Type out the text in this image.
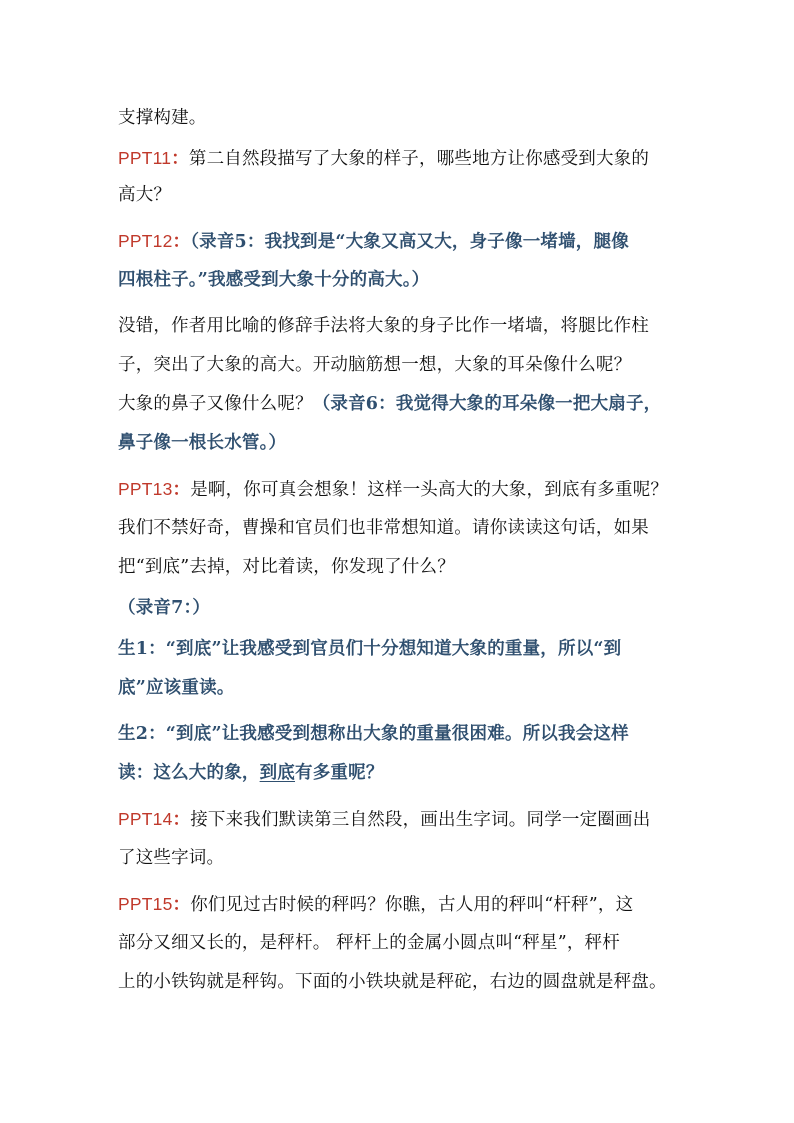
支撑构建。
PPT11：第二自然段描写了大象的样子，哪些地方让你感受到大象的
高大？
PPT12：（录音5：我找到是“大象又高又大，身子像一堵墙，腿像
四根柱子。”我感受到大象十分的高大。）
没错，作者用比喻的修辞手法将大象的身子比作一堵墙，将腿比作柱
子，突出了大象的高大。开动脑筋想一想，大象的耳朵像什么呢？
大象的鼻子又像什么呢？（录音6：我觉得大象的耳朵像一把大扇子，
鼻子像一根长水管。）
PPT13：是啊，你可真会想象！这样一头高大的大象，到底有多重呢？
我们不禁好奇，曹操和官员们也非常想知道。请你读读这句话，如果
把“到底”去掉，对比着读，你发现了什么？
（录音7：）
生1：“到底”让我感受到官员们十分想知道大象的重量，所以“到
底”应该重读。
生2：“到底”让我感受到想称出大象的重量很困难。所以我会这样
读：这么大的象，到底有多重呢？
PPT14：接下来我们默读第三自然段，画出生字词。同学一定圈画出
了这些字词。
PPT15：你们见过古时候的秤吗？你瞧，古人用的秤叫“杆秤”，这
部分又细又长的，是秤杆。 秤杆上的金属小圆点叫“秤星”，秤杆
上的小铁钩就是秤钩。下面的小铁块就是秤砣，右边的圆盘就是秤盘。
